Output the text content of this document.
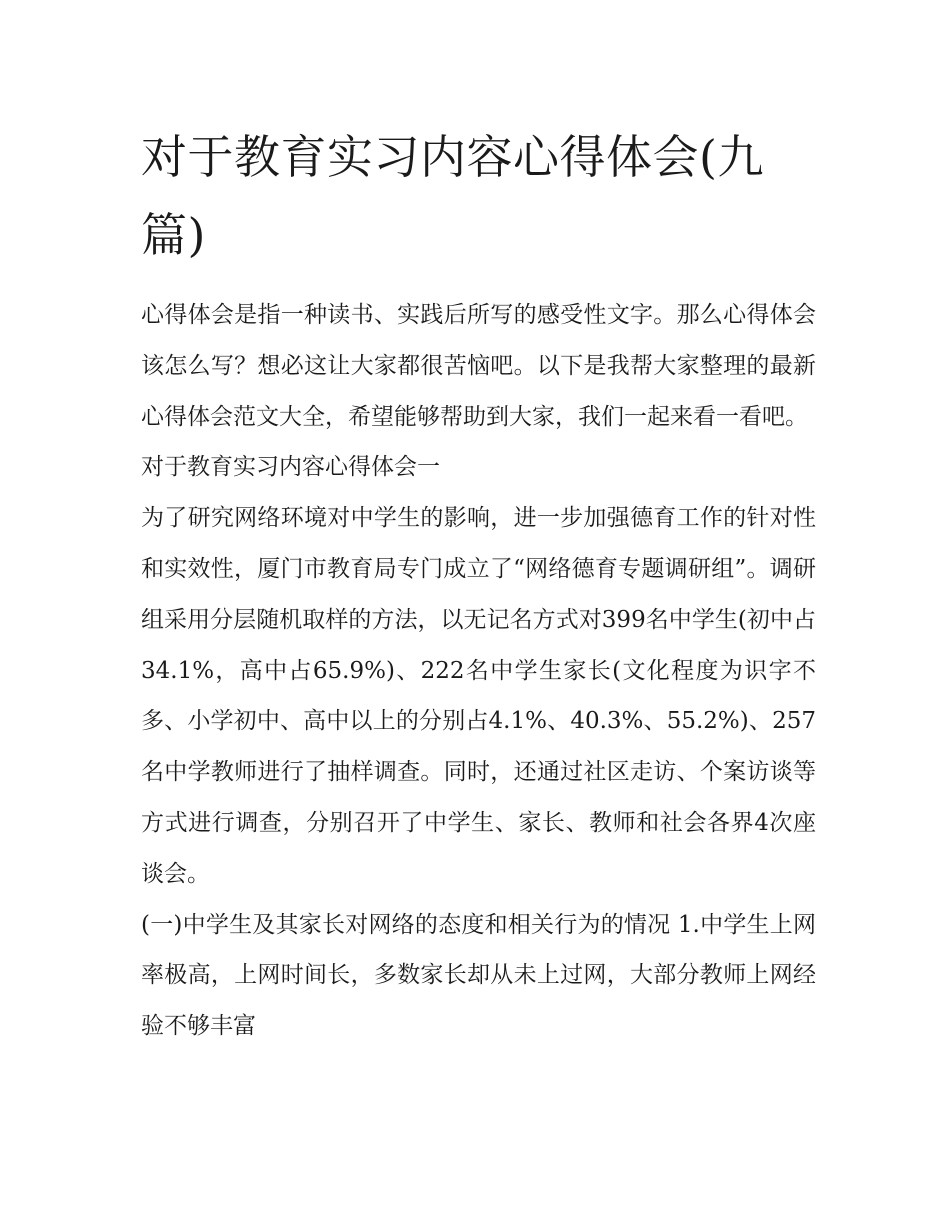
对于教育实习内容心得体会(九篇)

心得体会是指一种读书、实践后所写的感受性文字。那么心得体会该怎么写？想必这让大家都很苦恼吧。以下是我帮大家整理的最新心得体会范文大全，希望能够帮助到大家，我们一起来看一看吧。

对于教育实习内容心得体会一

为了研究网络环境对中学生的影响，进一步加强德育工作的针对性和实效性，厦门市教育局专门成立了“网络德育专题调研组”。调研组采用分层随机取样的方法，以无记名方式对399名中学生(初中占34.1%，高中占65.9%)、222名中学生家长(文化程度为识字不多、小学初中、高中以上的分别占4.1%、40.3%、55.2%)、257名中学教师进行了抽样调查。同时，还通过社区走访、个案访谈等方式进行调查，分别召开了中学生、家长、教师和社会各界4次座谈会。

(一)中学生及其家长对网络的态度和相关行为的情况 1.中学生上网率极高，上网时间长，多数家长却从未上过网，大部分教师上网经验不够丰富
